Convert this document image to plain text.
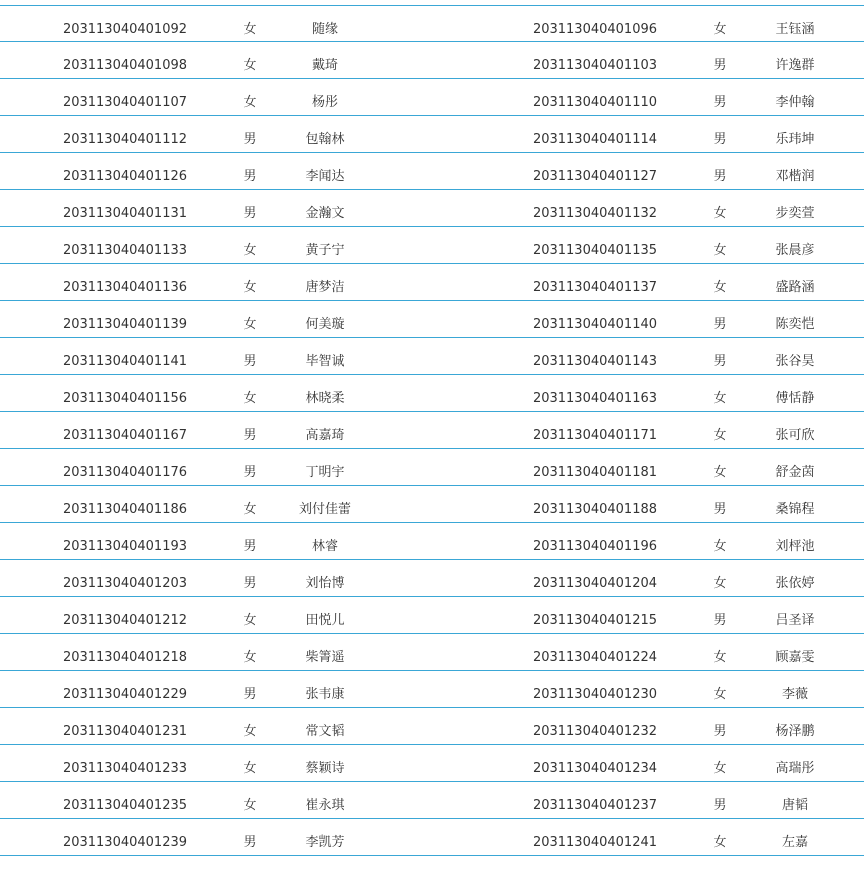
203113040401092	女	随缘	203113040401096	女	王钰涵
203113040401098	女	戴琦	203113040401103	男	许逸群
203113040401107	女	杨彤	203113040401110	男	李仲翰
203113040401112	男	包翰林	203113040401114	男	乐玮坤
203113040401126	男	李闻达	203113040401127	男	邓楷润
203113040401131	男	金瀚文	203113040401132	女	步奕萱
203113040401133	女	黄子宁	203113040401135	女	张晨彦
203113040401136	女	唐梦洁	203113040401137	女	盛路涵
203113040401139	女	何美璇	203113040401140	男	陈奕恺
203113040401141	男	毕智诚	203113040401143	男	张谷昊
203113040401156	女	林晓柔	203113040401163	女	傅恬静
203113040401167	男	高嘉琦	203113040401171	女	张可欣
203113040401176	男	丁明宇	203113040401181	女	舒金茵
203113040401186	女	刘付佳蕾	203113040401188	男	桑锦程
203113040401193	男	林睿	203113040401196	女	刘枰池
203113040401203	男	刘怡博	203113040401204	女	张依婷
203113040401212	女	田悦儿	203113040401215	男	吕圣译
203113040401218	女	柴箐遥	203113040401224	女	顾嘉雯
203113040401229	男	张韦康	203113040401230	女	李薇
203113040401231	女	常文韬	203113040401232	男	杨泽鹏
203113040401233	女	蔡颖诗	203113040401234	女	高瑞彤
203113040401235	女	崔永琪	203113040401237	男	唐韬
203113040401239	男	李凯芳	203113040401241	女	左嘉
